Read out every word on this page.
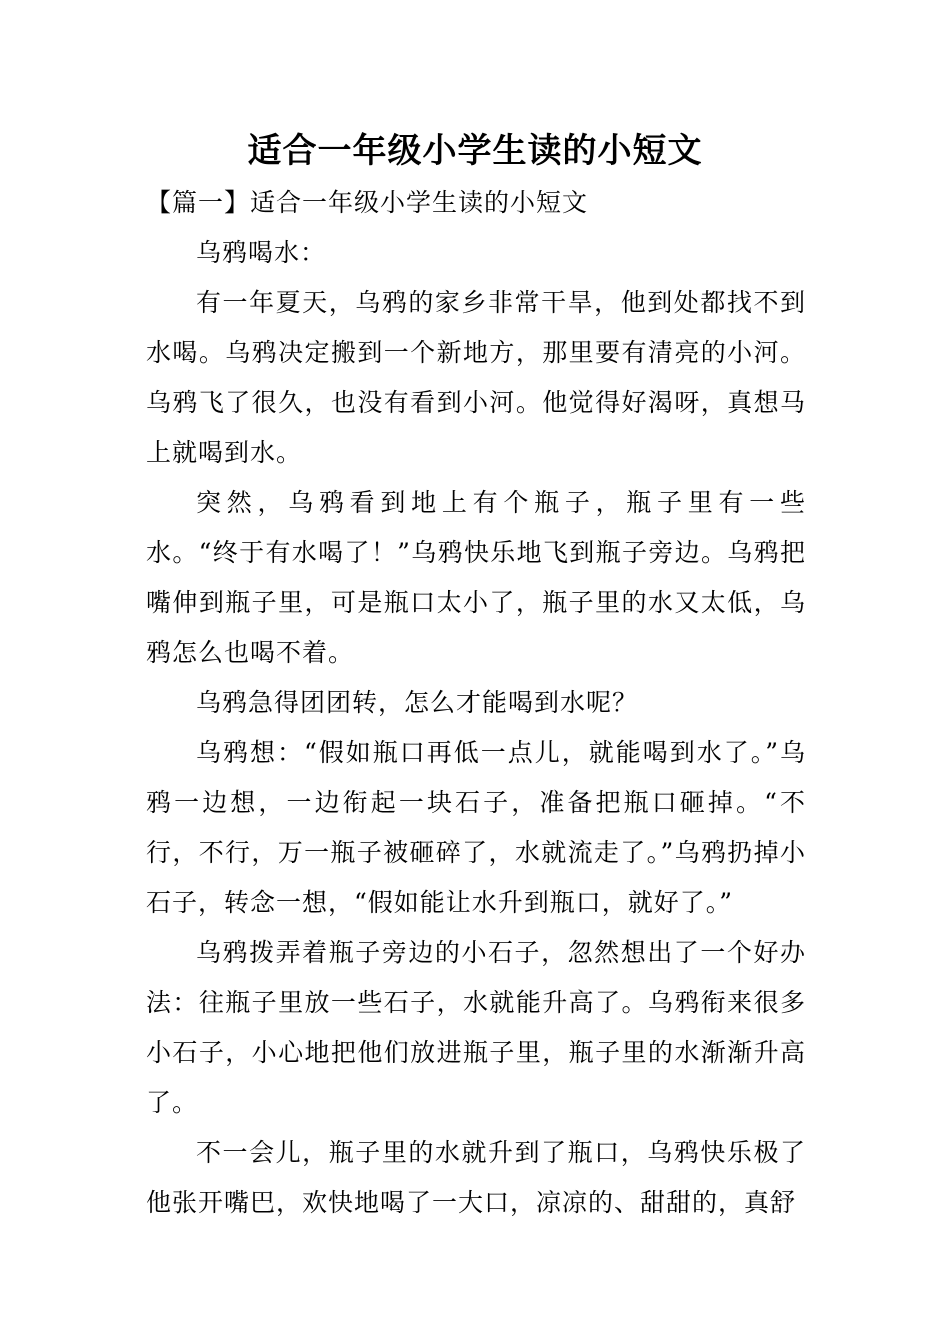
适合一年级小学生读的小短文

【篇一】适合一年级小学生读的小短文

乌鸦喝水：

有一年夏天，乌鸦的家乡非常干旱，他到处都找不到水喝。乌鸦决定搬到一个新地方，那里要有清亮的小河。乌鸦飞了很久，也没有看到小河。他觉得好渴呀，真想马上就喝到水。

突然，乌鸦看到地上有个瓶子，瓶子里有一些水。“终于有水喝了！”乌鸦快乐地飞到瓶子旁边。乌鸦把嘴伸到瓶子里，可是瓶口太小了，瓶子里的水又太低，乌鸦怎么也喝不着。

乌鸦急得团团转，怎么才能喝到水呢？

乌鸦想：“假如瓶口再低一点儿，就能喝到水了。”乌鸦一边想，一边衔起一块石子，准备把瓶口砸掉。“不行，不行，万一瓶子被砸碎了，水就流走了。”乌鸦扔掉小石子，转念一想，“假如能让水升到瓶口，就好了。”

乌鸦拨弄着瓶子旁边的小石子，忽然想出了一个好办法：往瓶子里放一些石子，水就能升高了。乌鸦衔来很多小石子，小心地把他们放进瓶子里，瓶子里的水渐渐升高了。

不一会儿，瓶子里的水就升到了瓶口，乌鸦快乐极了他张开嘴巴，欢快地喝了一大口，凉凉的、甜甜的，真舒
